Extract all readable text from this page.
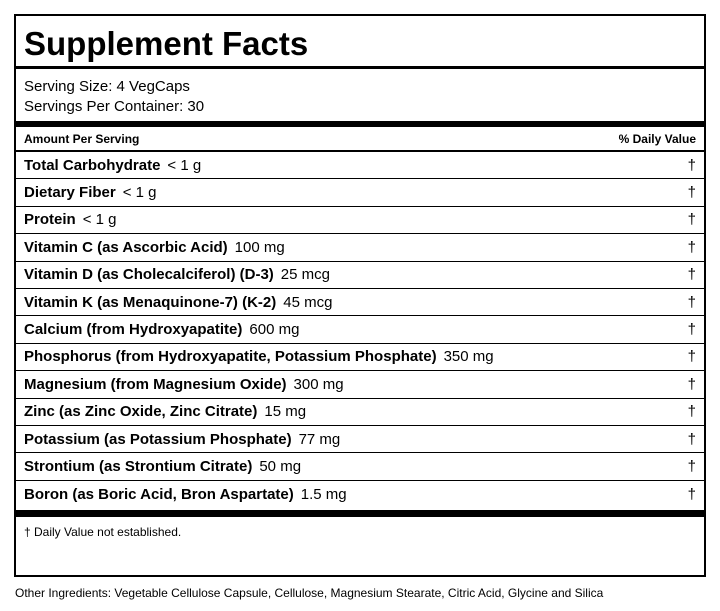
Supplement Facts
Serving Size: 4 VegCaps
Servings Per Container: 30
Amount Per Serving	% Daily Value
Total Carbohydrate < 1 g	†
Dietary Fiber < 1 g	†
Protein < 1 g	†
Vitamin C (as Ascorbic Acid) 100 mg	†
Vitamin D (as Cholecalciferol) (D-3) 25 mcg	†
Vitamin K (as Menaquinone-7) (K-2) 45 mcg	†
Calcium (from Hydroxyapatite) 600 mg	†
Phosphorus (from Hydroxyapatite, Potassium Phosphate) 350 mg	†
Magnesium (from Magnesium Oxide) 300 mg	†
Zinc (as Zinc Oxide, Zinc Citrate) 15 mg	†
Potassium (as Potassium Phosphate) 77 mg	†
Strontium (as Strontium Citrate) 50 mg	†
Boron (as Boric Acid, Bron Aspartate) 1.5 mg	†
† Daily Value not established.
Other Ingredients: Vegetable Cellulose Capsule, Cellulose, Magnesium Stearate, Citric Acid, Glycine and Silica
